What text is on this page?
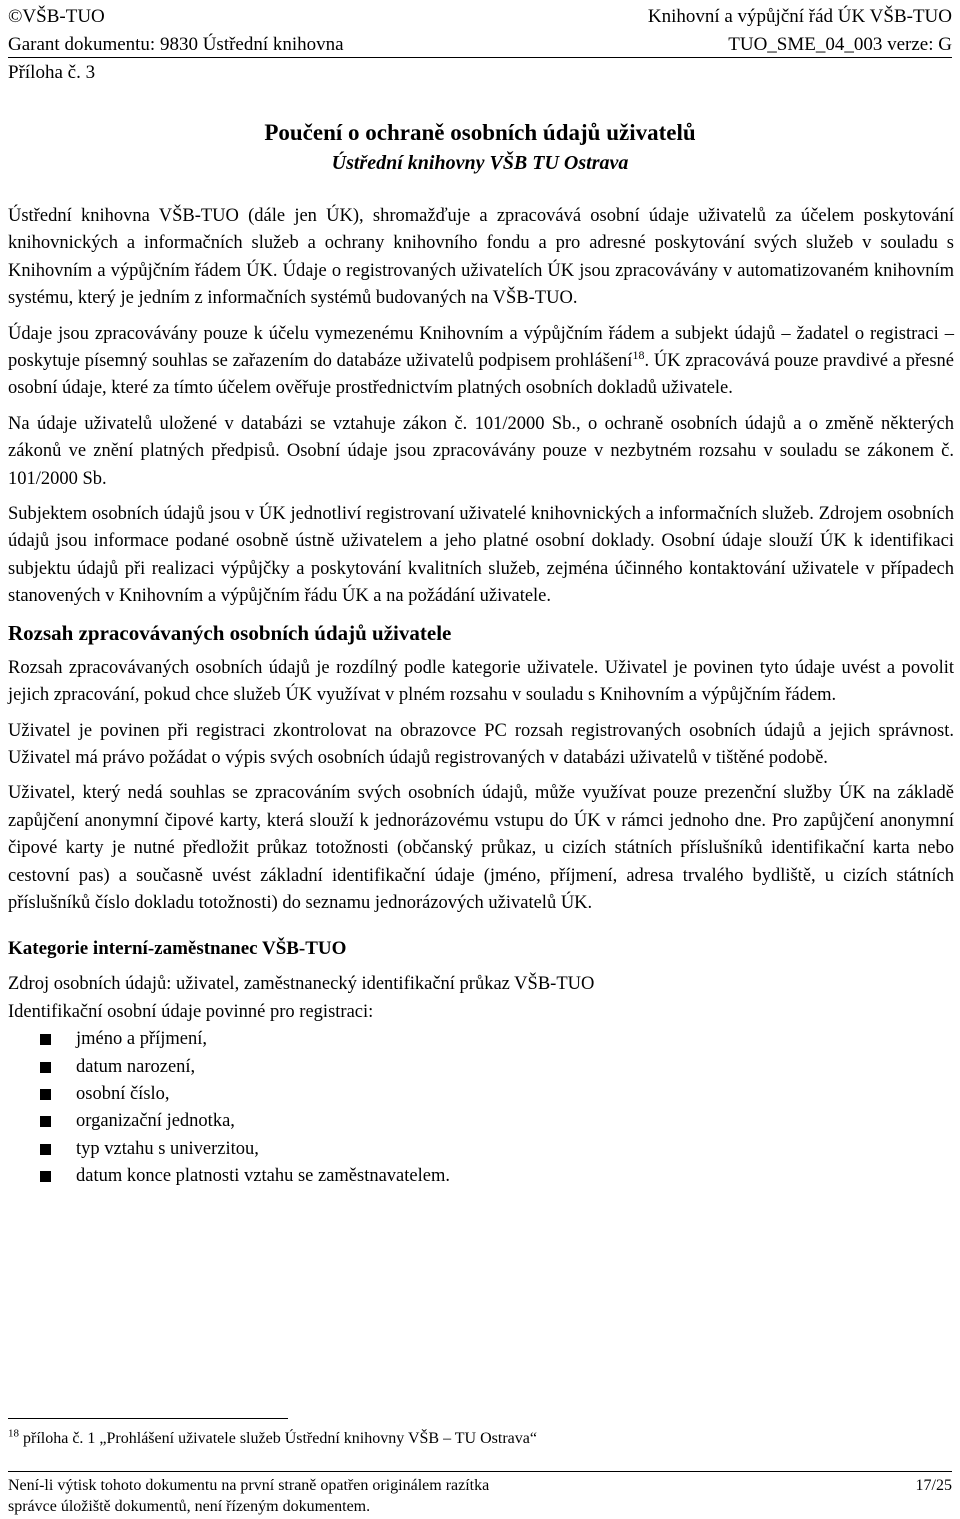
©VŠB-TUO	Knihovní a výpůjční řád ÚK VŠB-TUO
Garant dokumentu: 9830 Ústřední knihovna	TUO_SME_04_003 verze: G
Příloha č. 3
Poučení o ochraně osobních údajů uživatelů
Ústřední knihovny VŠB TU Ostrava

Ústřední knihovna VŠB-TUO (dále jen ÚK), shromažďuje a zpracovává osobní údaje uživatelů za účelem poskytování knihovnických a informačních služeb a ochrany knihovního fondu a pro adresné poskytování svých služeb v souladu s Knihovním a výpůjčním řádem ÚK. Údaje o registrovaných uživatelích ÚK jsou zpracovávány v automatizovaném knihovním systému, který je jedním z informačních systémů budovaných na VŠB-TUO.

Údaje jsou zpracovávány pouze k účelu vymezenému Knihovním a výpůjčním řádem a subjekt údajů – žadatel o registraci – poskytuje písemný souhlas se zařazením do databáze uživatelů podpisem prohlášení$^{18}$. ÚK zpracovává pouze pravdivé a přesné osobní údaje, které za tímto účelem ověřuje prostřednictvím platných osobních dokladů uživatele.

Na údaje uživatelů uložené v databázi se vztahuje zákon č. 101/2000 Sb., o ochraně osobních údajů a o změně některých zákonů ve znění platných předpisů. Osobní údaje jsou zpracovávány pouze v nezbytném rozsahu v souladu se zákonem č. 101/2000 Sb.

Subjektem osobních údajů jsou v ÚK jednotliví registrovaní uživatelé knihovnických a informačních služeb. Zdrojem osobních údajů jsou informace podané osobně ústně uživatelem a jeho platné osobní doklady. Osobní údaje slouží ÚK k identifikaci subjektu údajů při realizaci výpůjčky a poskytování kvalitních služeb, zejména účinného kontaktování uživatele v případech stanovených v Knihovním a výpůjčním řádu ÚK a na požádání uživatele.

Rozsah zpracovávaných osobních údajů uživatele

Rozsah zpracovávaných osobních údajů je rozdílný podle kategorie uživatele. Uživatel je povinen tyto údaje uvést a povolit jejich zpracování, pokud chce služeb ÚK využívat v plném rozsahu v souladu s Knihovním a výpůjčním řádem.

Uživatel je povinen při registraci zkontrolovat na obrazovce PC rozsah registrovaných osobních údajů a jejich správnost. Uživatel má právo požádat o výpis svých osobních údajů registrovaných v databázi uživatelů v tištěné podobě.

Uživatel, který nedá souhlas se zpracováním svých osobních údajů, může využívat pouze prezenční služby ÚK na základě zapůjčení anonymní čipové karty, která slouží k jednorázovému vstupu do ÚK v rámci jednoho dne. Pro zapůjčení anonymní čipové karty je nutné předložit průkaz totožnosti (občanský průkaz, u cizích státních příslušníků identifikační karta nebo cestovní pas) a současně uvést základní identifikační údaje (jméno, příjmení, adresa trvalého bydliště, u cizích státních příslušníků číslo dokladu totožnosti) do seznamu jednorázových uživatelů ÚK.

Kategorie interní-zaměstnanec VŠB-TUO

Zdroj osobních údajů: uživatel, zaměstnanecký identifikační průkaz VŠB-TUO

Identifikační osobní údaje povinné pro registraci:

jméno a příjmení,
datum narození,
osobní číslo,
organizační jednotka,
typ vztahu s univerzitou,
datum konce platnosti vztahu se zaměstnavatelem.
$^{18}$ příloha č. 1 „Prohlášení uživatele služeb Ústřední knihovny VŠB – TU Ostrava“
Není-li výtisk tohoto dokumentu na první straně opatřen originálem razítka	17/25
správce úložiště dokumentů, není řízeným dokumentem.
